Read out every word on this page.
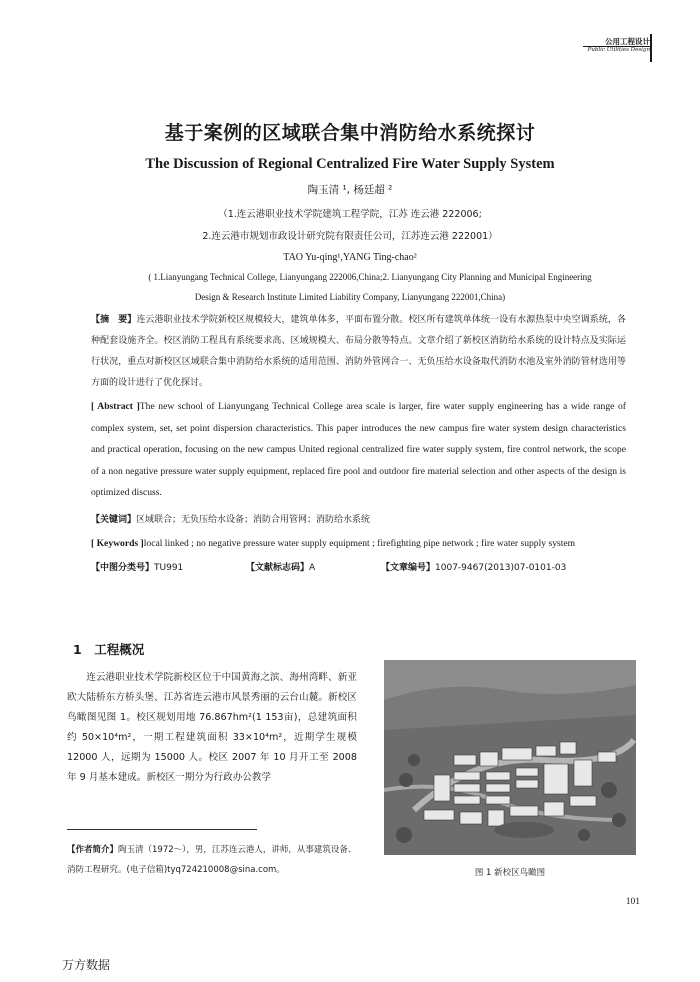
公用工程设计
Public Utilities Design
基于案例的区域联合集中消防给水系统探讨
The Discussion of Regional Centralized Fire Water Supply System
陶玉清 ¹, 杨廷超 ²
（1.连云港职业技术学院建筑工程学院，江苏 连云港 222006;
2.连云港市规划市政设计研究院有限责任公司，江苏连云港 222001）
TAO Yu-qing¹,YANG Ting-chao²
( 1.Lianyungang Technical College, Lianyungang 222006,China;2. Lianyungang City Planning and Municipal Engineering
Design & Research Institute Limited Liability Company, Lianyungang 222001,China)
【摘　要】连云港职业技术学院新校区规模较大，建筑单体多，平面布置分散。校区所有建筑单体统一设有水源热泵中央空调系统，各种配套设施齐全。校区消防工程具有系统要求高、区域规模大、布局分散等特点。文章介绍了新校区消防给水系统的设计特点及实际运行状况，重点对新校区区域联合集中消防给水系统的适用范围、消防外管网合一、无负压给水设备取代消防水池及室外消防管材选用等方面的设计进行了优化探讨。
[ Abstract ]The new school of Lianyungang Technical College area scale is larger, fire water supply engineering has a wide range of complex system, set, set point dispersion characteristics. This paper introduces the new campus fire water system design characteristics and practical operation, focusing on the new campus United regional centralized fire water supply system, fire control network, the scope of a non negative pressure water supply equipment, replaced fire pool and outdoor fire material selection and other aspects of the design is optimized discuss.
【关键词】区域联合；无负压给水设备；消防合用管网；消防给水系统
[ Keywords ]local linked ; no negative pressure water supply equipment ; firefighting pipe network ; fire water supply system
【中图分类号】TU991	【文献标志码】A	【文章编号】1007-9467(2013)07-0101-03
1　工程概况
连云港职业技术学院新校区位于中国黄海之滨、海州湾畔、新亚欧大陆桥东方桥头堡、江苏省连云港市风景秀丽的云台山麓。新校区鸟瞰图见图 1。校区规划用地 76.867hm²(1 153亩)，总建筑面积约 50×10⁴m²，一期工程建筑面积 33×10⁴m²，近期学生规模 12000 人，远期为 15000 人。校区 2007 年 10 月开工至 2008 年 9 月基本建成。新校区一期分为行政办公教学
【作者简介】陶玉清（1972～），男，江苏连云港人，讲师，从事建筑设备、消防工程研究。(电子信箱)tyq724210008@sina.com。	图 1 新校区鸟瞰图
101
万方数据
